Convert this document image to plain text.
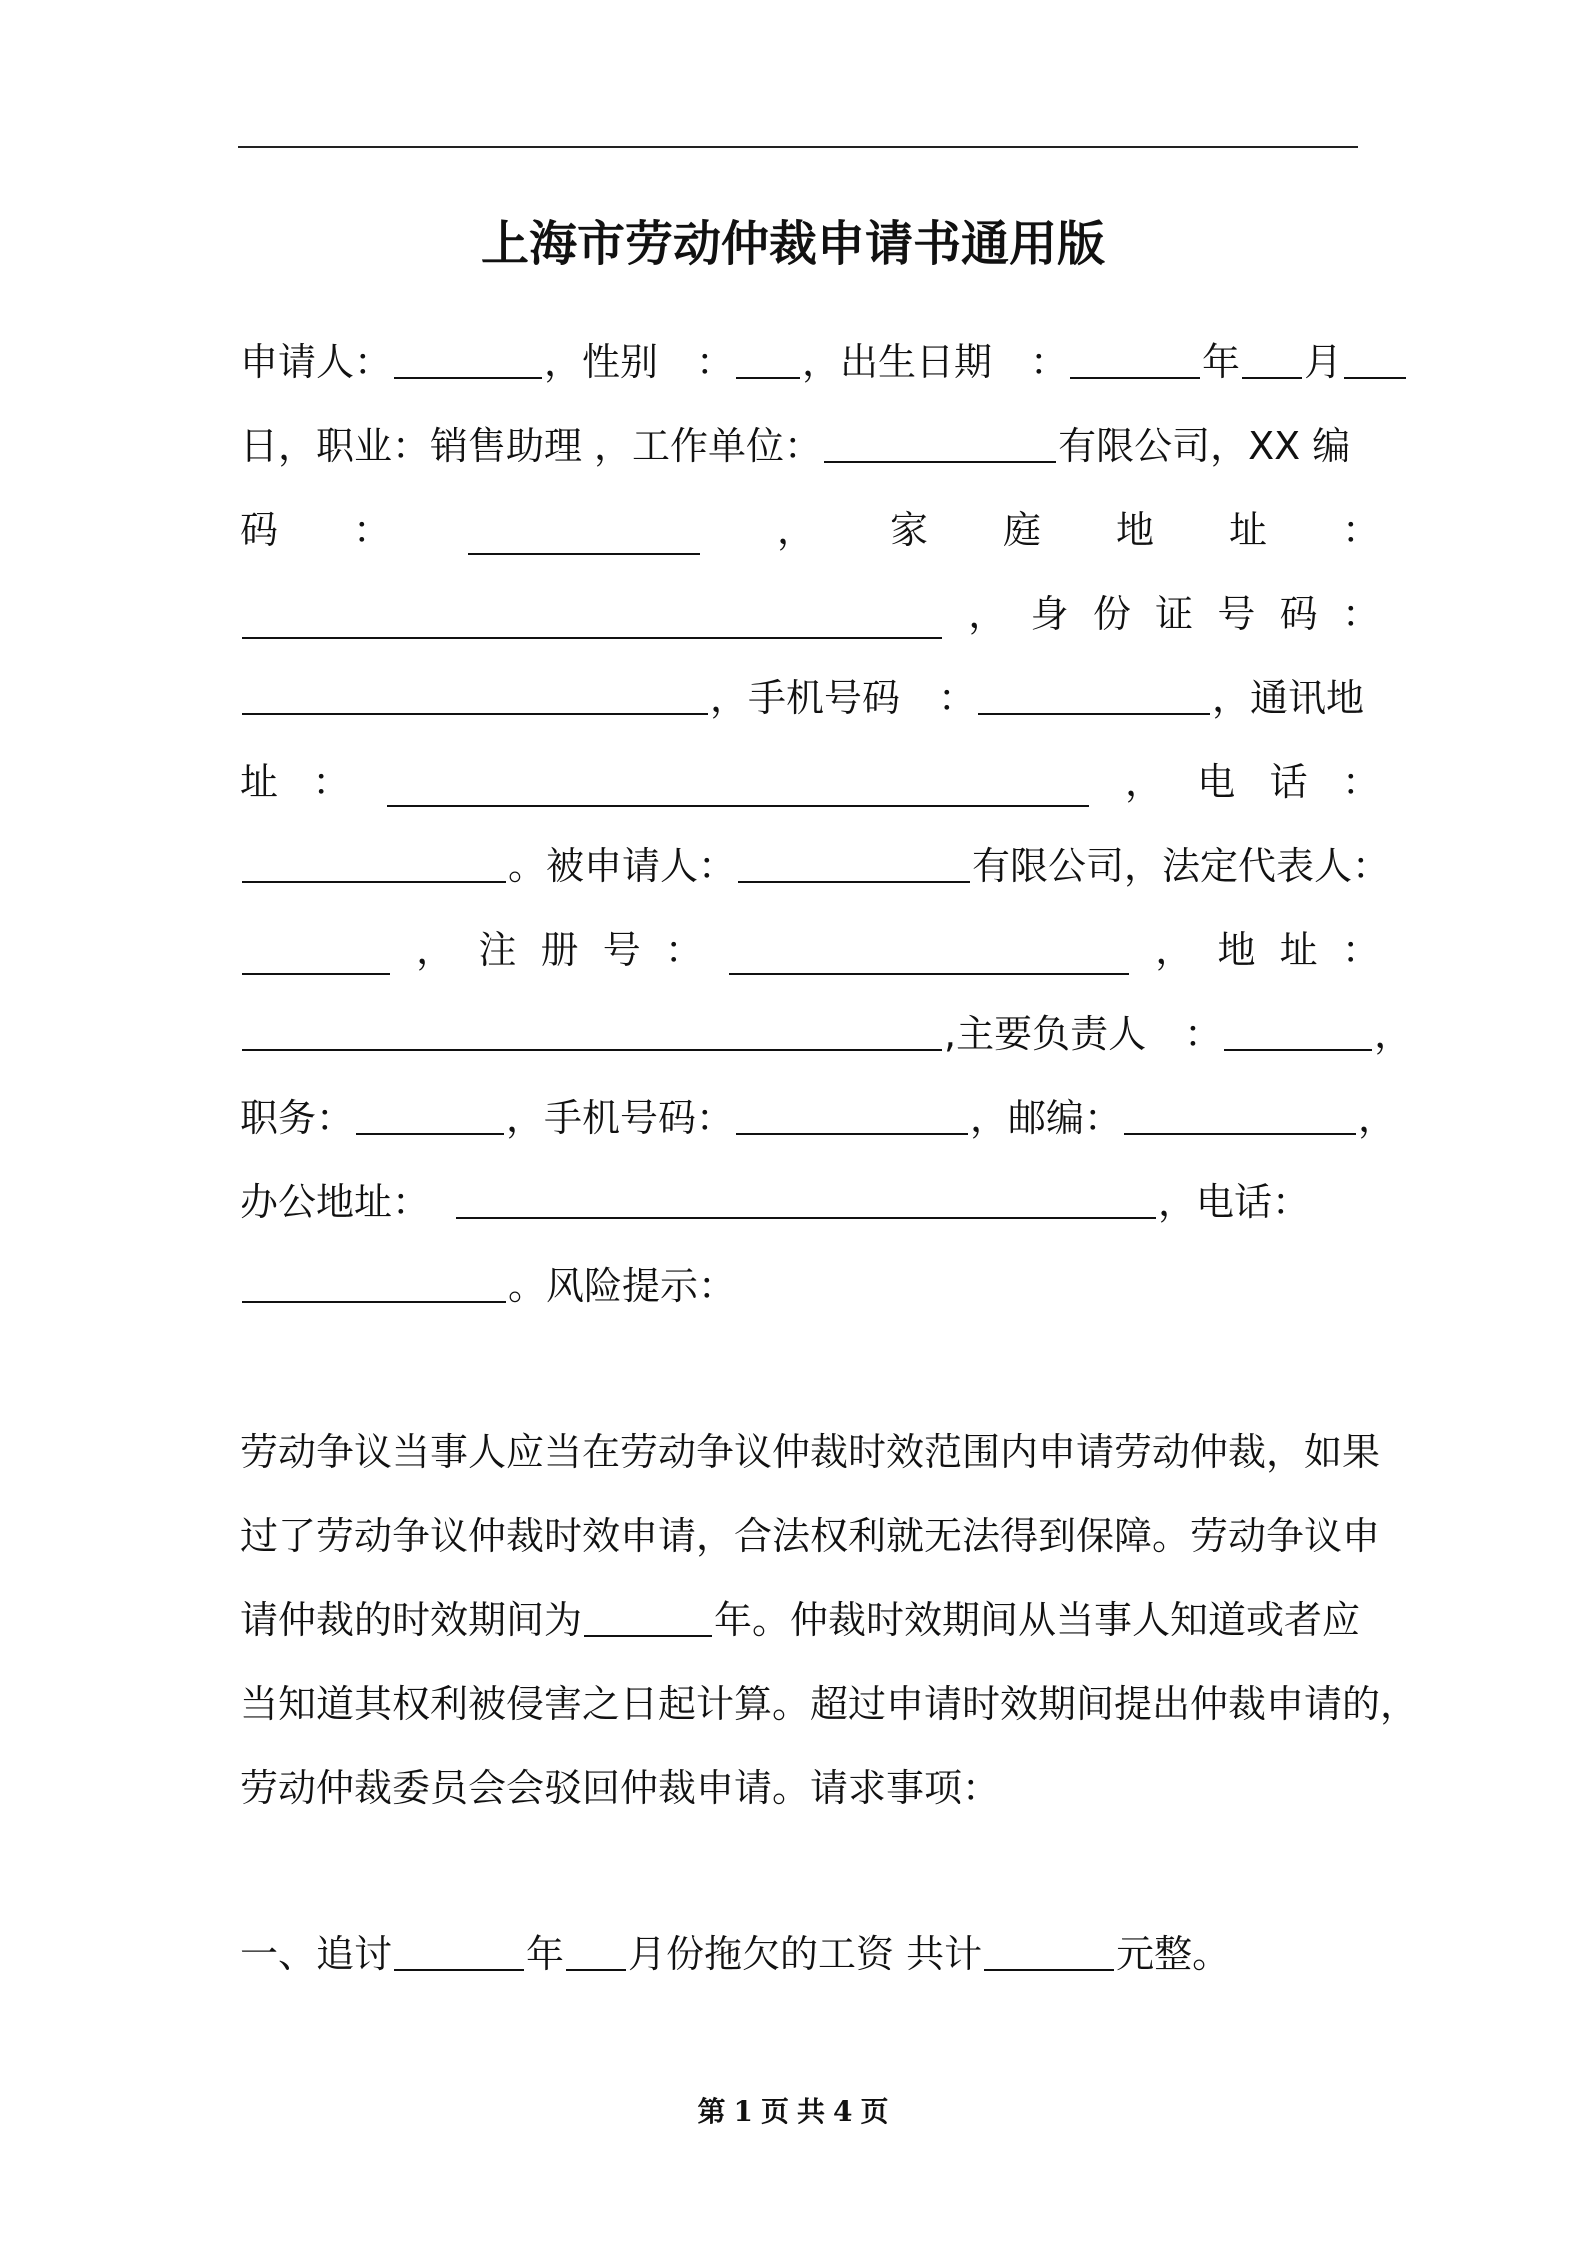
上海市劳动仲裁申请书通用版
申请人：	，性别　： ，出生日期　：	年 月
日，职业：销售助理 ，工作单位：	有限公司，XX 编
码 ：	， 家 庭 地 址 ：
， 身 份 证 号 码 ：
，手机号码　：	，通讯地
址 ：	， 电 话 ：
。被申请人：	有限公司，法定代表人：
， 注 册 号 ：	， 地 址 ：
,主要负责人　：	，
职务：	，手机号码：	，邮编：	，
办公地址：	，电话：
。风险提示：
劳动争议当事人应当在劳动争议仲裁时效范围内申请劳动仲裁，如果
过了劳动争议仲裁时效申请，合法权利就无法得到保障。劳动争议申
请仲裁的时效期间为	年。仲裁时效期间从当事人知道或者应
当知道其权利被侵害之日起计算。超过申请时效期间提出仲裁申请的，
劳动仲裁委员会会驳回仲裁申请。请求事项：
一、追讨	年 月份拖欠的工资 共计	元整。
第 1 页 共 4 页
